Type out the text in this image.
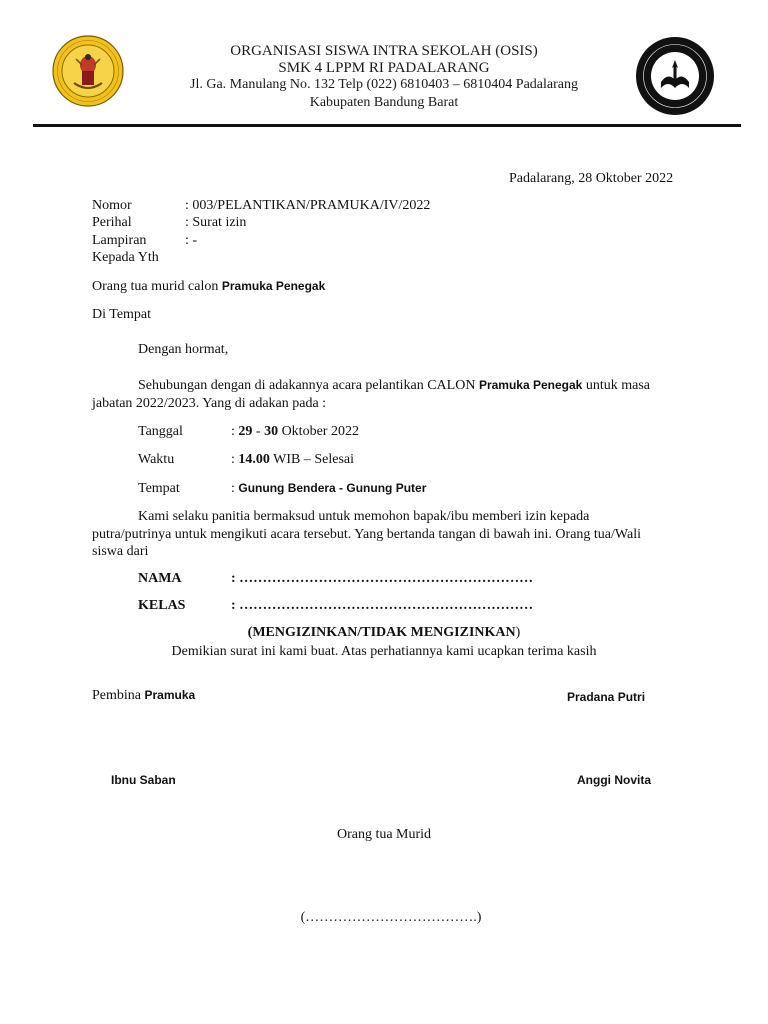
ORGANISASI SISWA INTRA SEKOLAH (OSIS)
SMK 4 LPPM RI PADALARANG
Jl. Ga. Manulang No. 132 Telp (022) 6810403 – 6810404 Padalarang
Kabupaten Bandung Barat
Padalarang, 28 Oktober 2022
Nomor	: 003/PELANTIKAN/PRAMUKA/IV/2022
Perihal	: Surat izin
Lampiran	: -
Kepada Yth
Orang tua murid calon Pramuka Penegak
Di Tempat
Dengan hormat,
Sehubungan dengan di adakannya acara pelantikan CALON Pramuka Penegak untuk masa
jabatan 2022/2023. Yang di adakan pada :
Tanggal	: 29 - 30 Oktober 2022
Waktu	: 14.00 WIB – Selesai
Tempat	: Gunung Bendera - Gunung Puter
Kami selaku panitia bermaksud untuk memohon bapak/ibu memberi izin kepada
putra/putrinya untuk mengikuti acara tersebut. Yang bertanda tangan di bawah ini. Orang tua/Wali
siswa dari
NAMA	: ………………………………………………………
KELAS	: ………………………………………………………
(MENGIZINKAN/TIDAK MENGIZINKAN)
Demikian surat ini kami buat. Atas perhatiannya kami ucapkan terima kasih
Pembina Pramuka	Pradana Putri
Ibnu Saban	Anggi Novita
Orang tua Murid
(……………………………….)
